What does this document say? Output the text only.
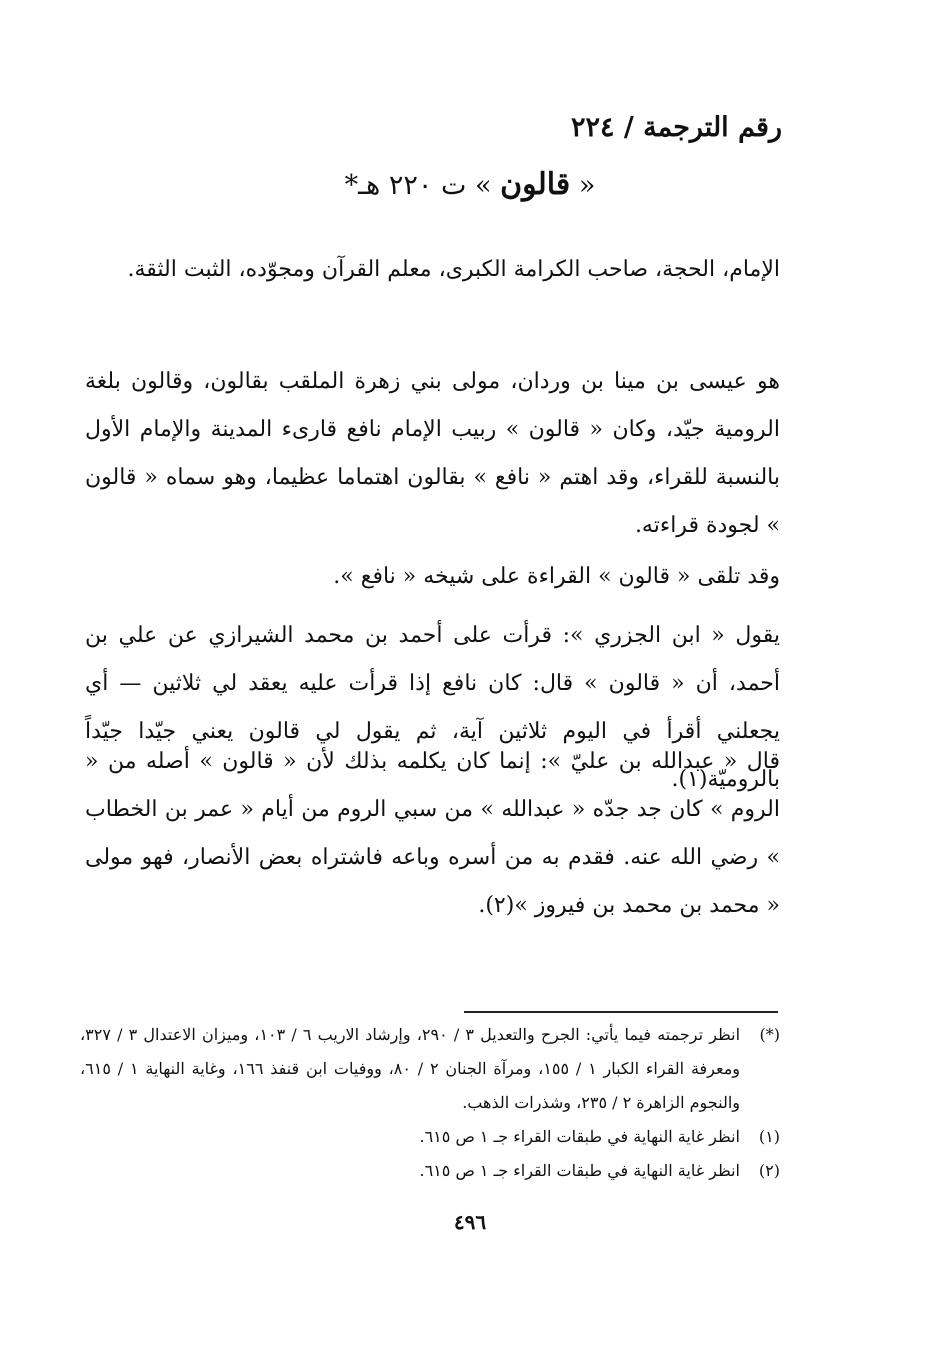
رقم الترجمة / ٢٢٤
« قالون » ت ٢٢٠ هـ*
الإمام، الحجة، صاحب الكرامة الكبرى، معلم القرآن ومجوّده، الثبت الثقة.
هو عيسى بن مينا بن وردان، مولى بني زهرة الملقب بقالون، وقالون بلغة الرومية جيّد، وكان « قالون » ربيب الإمام نافع قارىء المدينة والإمام الأول بالنسبة للقراء، وقد اهتم « نافع » بقالون اهتماما عظيما، وهو سماه « قالون » لجودة قراءته.
وقد تلقى « قالون » القراءة على شيخه « نافع ».
يقول « ابن الجزري »: قرأت على أحمد بن محمد الشيرازي عن علي بن أحمد، أن « قالون » قال: كان نافع إذا قرأت عليه يعقد لي ثلاثين — أي يجعلني أقرأ في اليوم ثلاثين آية، ثم يقول لي قالون يعني جيّدا جيّداً بالروميّة(١).
قال « عبدالله بن عليّ »: إنما كان يكلمه بذلك لأن « قالون » أصله من « الروم » كان جد جدّه « عبدالله » من سبي الروم من أيام « عمر بن الخطاب » رضي الله عنه. فقدم به من أسره وباعه فاشتراه بعض الأنصار، فهو مولى « محمد بن محمد بن فيروز »(٢).
(*)
انظر ترجمته فيما يأتي: الجرح والتعديل ٣ / ٢٩٠، وإرشاد الاريب ٦ / ١٠٣، وميزان الاعتدال ٣ / ٣٢٧، ومعرفة القراء الكبار ١ / ١٥٥، ومرآة الجنان ٢ / ٨٠، ووفيات ابن قنفذ ١٦٦، وغاية النهاية ١ / ٦١٥، والنجوم الزاهرة ٢ / ٢٣٥، وشذرات الذهب.
(١)
انظر غاية النهاية في طبقات القراء جـ ١ ص ٦١٥.
(٢)
انظر غاية النهاية في طبقات القراء جـ ١ ص ٦١٥.
٤٩٦
